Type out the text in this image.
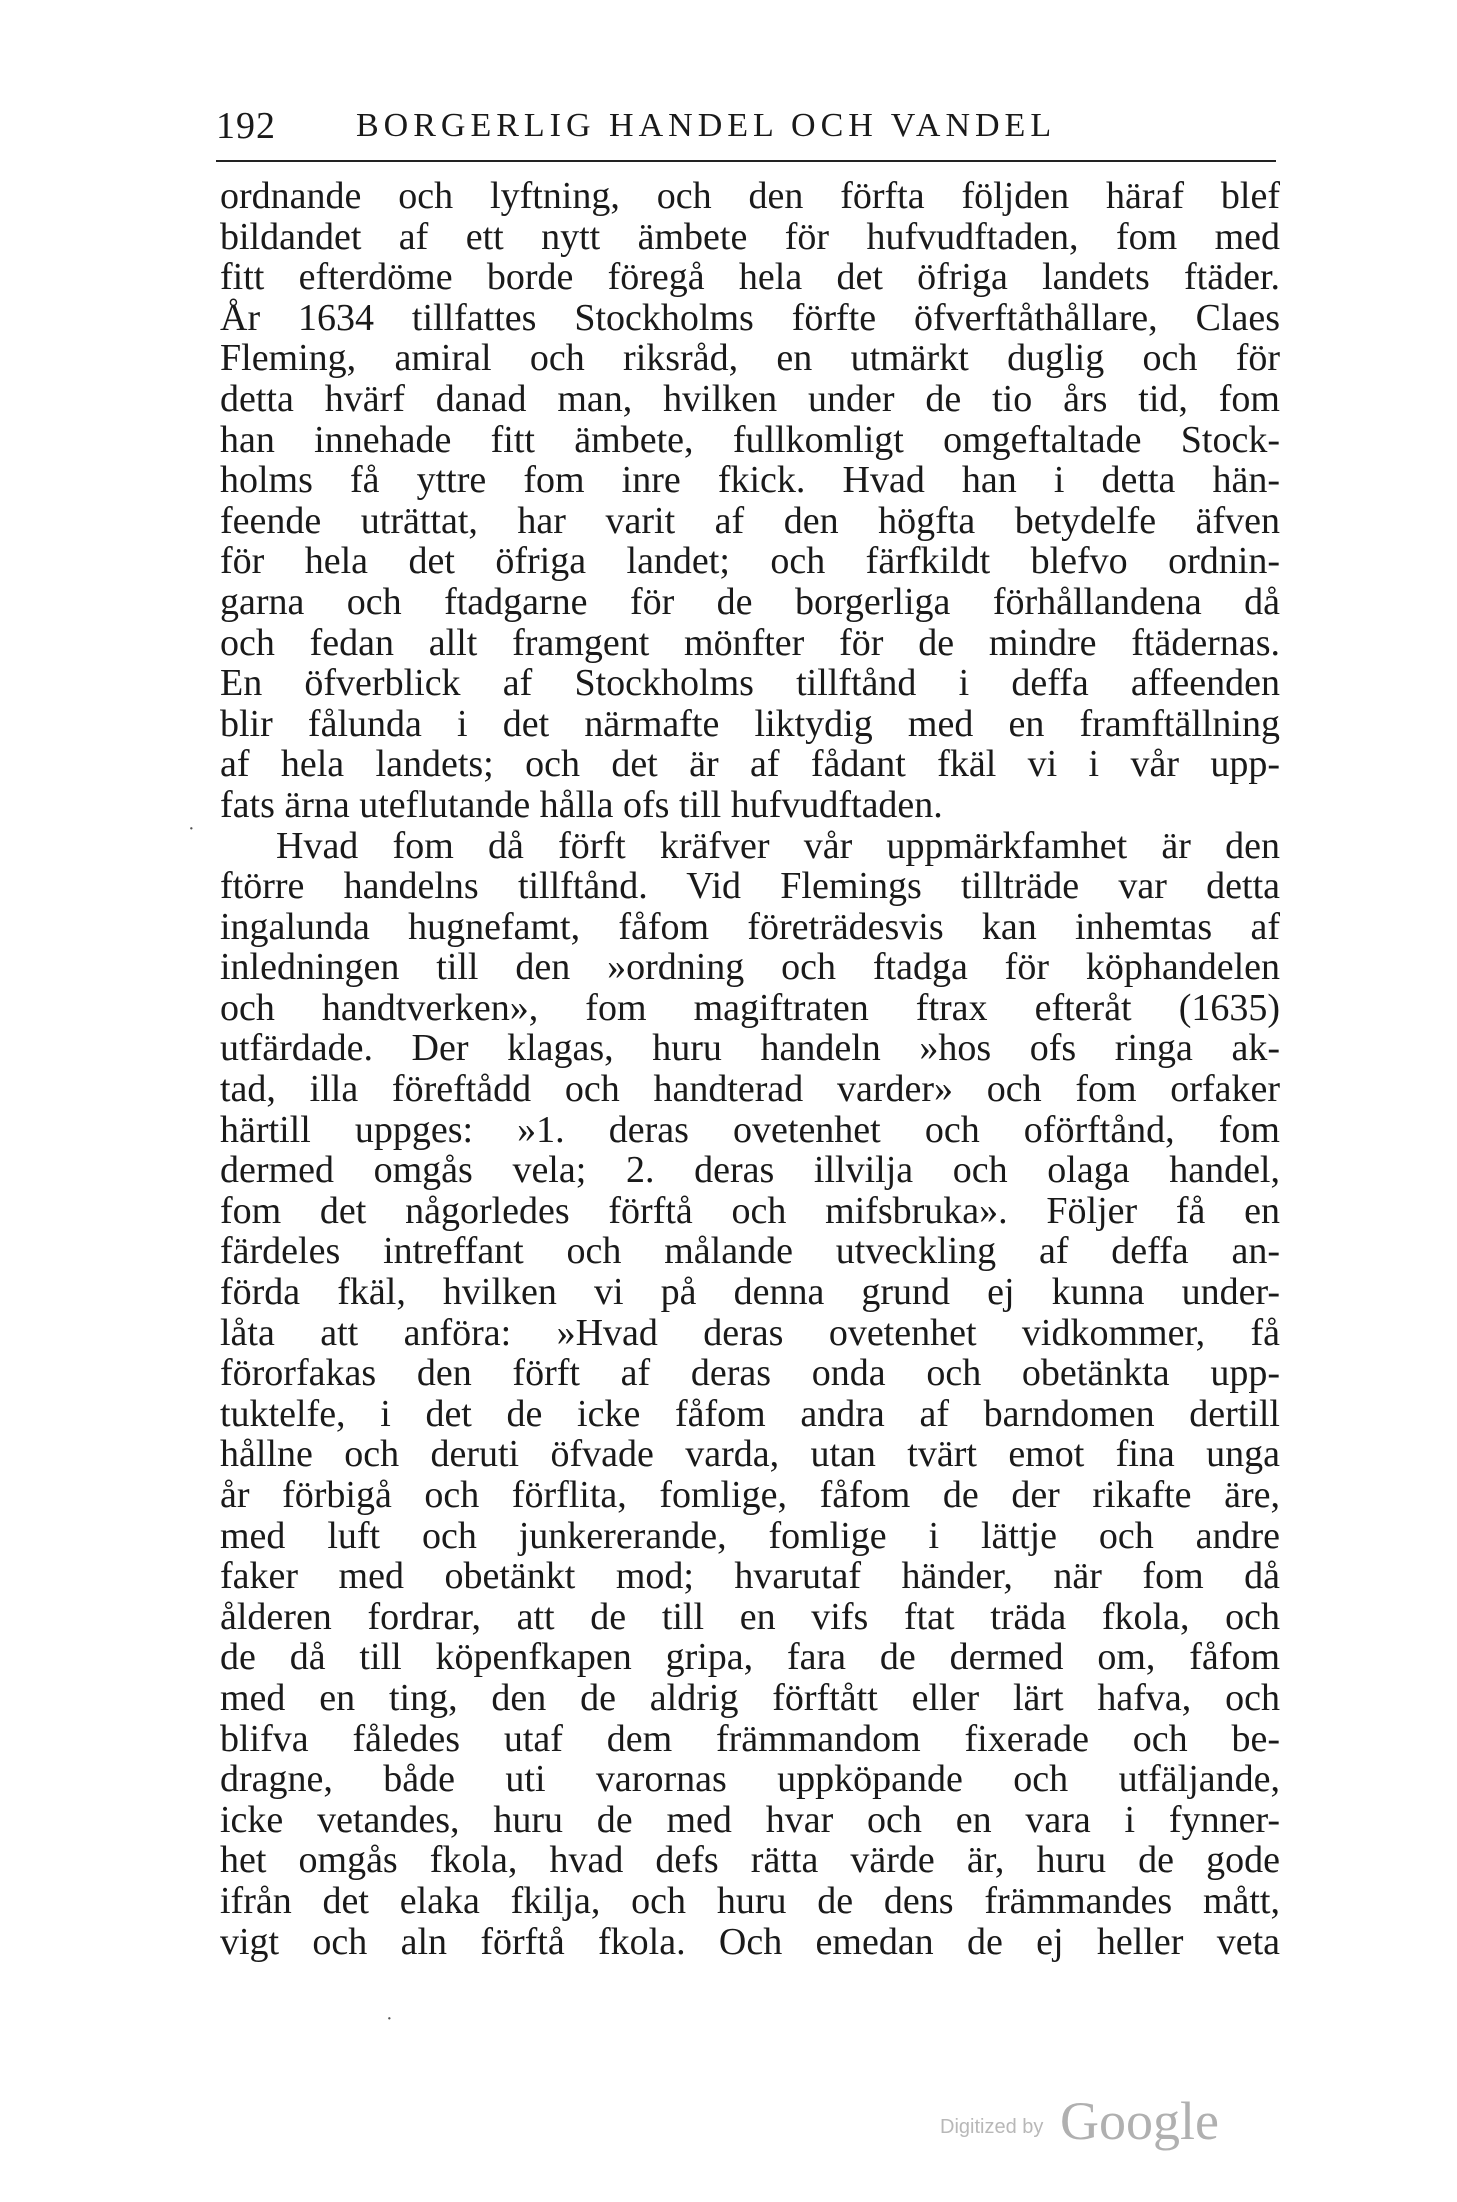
192 BORGERLIG HANDEL OCH VANDEL
ordnande och lyftning, och den förfta följden häraf blef
bildandet af ett nytt ämbete för hufvudftaden, fom med
fitt efterdöme borde föregå hela det öfriga landets ftäder.
År 1634 tillfattes Stockholms förfte öfverftåthållare, Claes
Fleming, amiral och riksråd, en utmärkt duglig och för
detta hvärf danad man, hvilken under de tio års tid, fom
han innehade fitt ämbete, fullkomligt omgeftaltade Stock-
holms få yttre fom inre fkick. Hvad han i detta hän-
feende uträttat, har varit af den högfta betydelfe äfven
för hela det öfriga landet; och färfkildt blefvo ordnin-
garna och ftadgarne för de borgerliga förhållandena då
och fedan allt framgent mönfter för de mindre ftädernas.
En öfverblick af Stockholms tillftånd i deffa affeenden
blir fålunda i det närmafte liktydig med en framftällning
af hela landets; och det är af fådant fkäl vi i vår upp-
fats ärna uteflutande hålla ofs till hufvudftaden.
Hvad fom då förft kräfver vår uppmärkfamhet är den
ftörre handelns tillftånd. Vid Flemings tillträde var detta
ingalunda hugnefamt, fåfom företrädesvis kan inhemtas af
inledningen till den »ordning och ftadga för köphandelen
och handtverken», fom magiftraten ftrax efteråt (1635)
utfärdade. Der klagas, huru handeln »hos ofs ringa ak-
tad, illa föreftådd och handterad varder» och fom orfaker
härtill uppges: »1. deras ovetenhet och oförftånd, fom
dermed omgås vela; 2. deras illvilja och olaga handel,
fom det någorledes förftå och mifsbruka». Följer få en
färdeles intreffant och målande utveckling af deffa an-
förda fkäl, hvilken vi på denna grund ej kunna under-
låta att anföra: »Hvad deras ovetenhet vidkommer, få
förorfakas den förft af deras onda och obetänkta upp-
tuktelfe, i det de icke fåfom andra af barndomen dertill
hållne och deruti öfvade varda, utan tvärt emot fina unga
år förbigå och förflita, fomlige, fåfom de der rikafte äre,
med luft och junkererande, fomlige i lättje och andre
faker med obetänkt mod; hvarutaf händer, när fom då
ålderen fordrar, att de till en vifs ftat träda fkola, och
de då till köpenfkapen gripa, fara de dermed om, fåfom
med en ting, den de aldrig förftått eller lärt hafva, och
blifva fåledes utaf dem främmandom fixerade och be-
dragne, både uti varornas uppköpande och utfäljande,
icke vetandes, huru de med hvar och en vara i fynner-
het omgås fkola, hvad defs rätta värde är, huru de gode
ifrån det elaka fkilja, och huru de dens främmandes mått,
vigt och aln förftå fkola. Och emedan de ej heller veta
·
·
Digitized by Google
